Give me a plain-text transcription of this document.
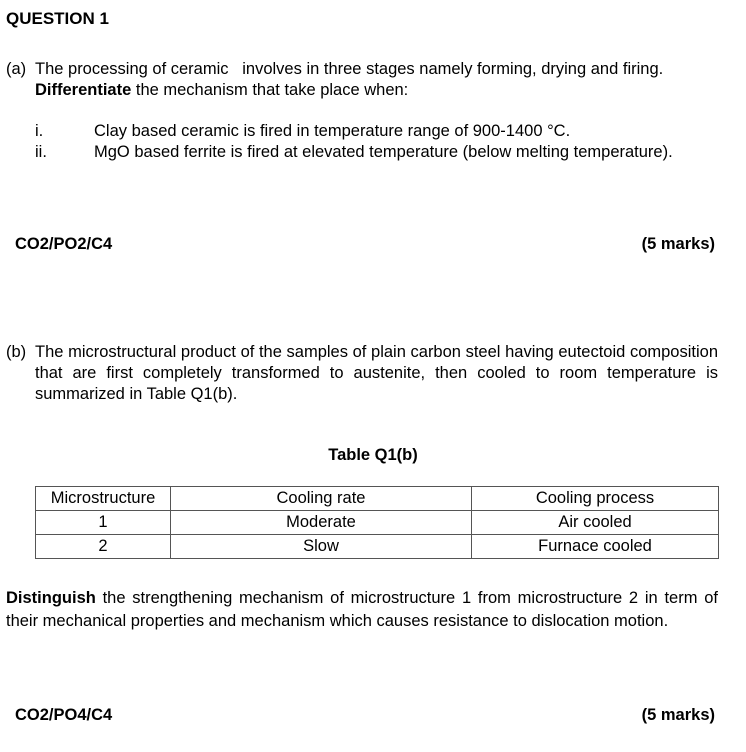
QUESTION 1
(a) The processing of ceramic   involves in three stages namely forming, drying and firing.
Differentiate the mechanism that take place when:
i.	Clay based ceramic is fired in temperature range of 900-1400 °C.
ii.	MgO based ferrite is fired at elevated temperature (below melting temperature).
CO2/PO2/C4	(5 marks)
(b) The microstructural product of the samples of plain carbon steel having eutectoid composition that are first completely transformed to austenite, then cooled to room temperature is summarized in Table Q1(b).
Table Q1(b)
Microstructure	Cooling rate	Cooling process
1	Moderate	Air cooled
2	Slow	Furnace cooled
Distinguish the strengthening mechanism of microstructure 1 from microstructure 2 in term of their mechanical properties and mechanism which causes resistance to dislocation motion.
CO2/PO4/C4	(5 marks)
